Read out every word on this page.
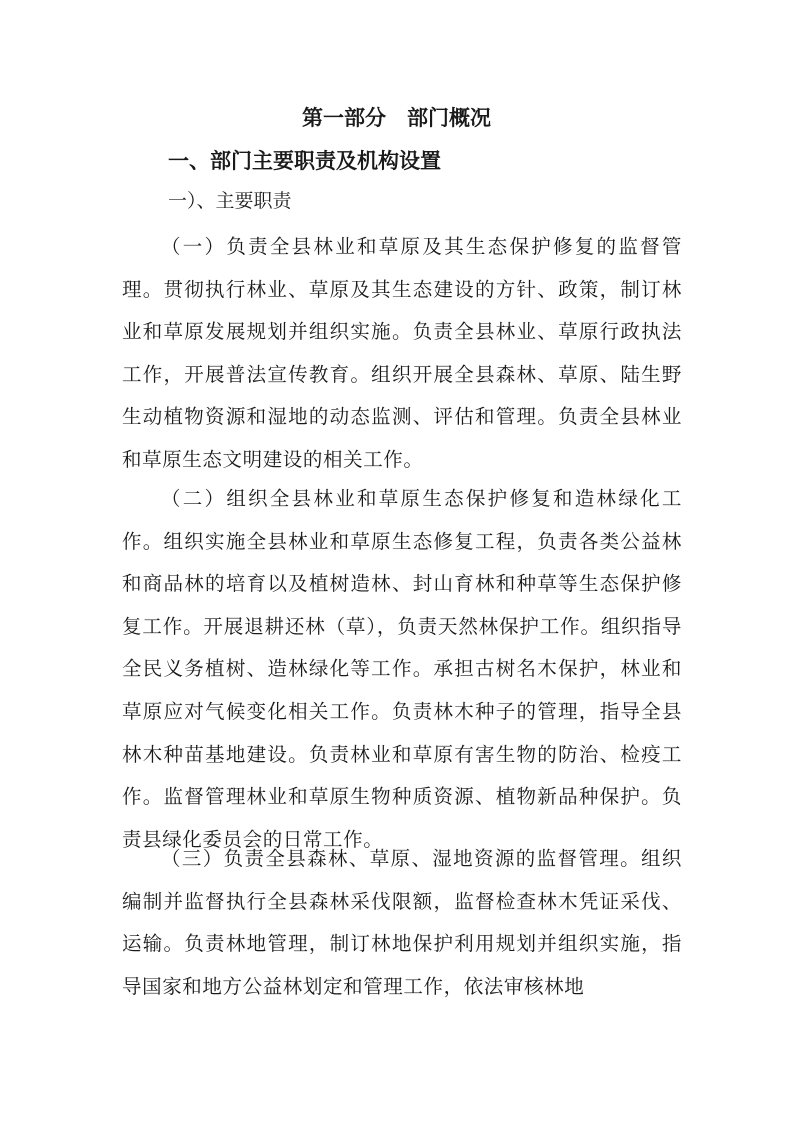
第一部分　部门概况
一、部门主要职责及机构设置
一）、主要职责

（一）负责全县林业和草原及其生态保护修复的监督管理。贯彻执行林业、草原及其生态建设的方针、政策，制订林业和草原发展规划并组织实施。负责全县林业、草原行政执法工作，开展普法宣传教育。组织开展全县森林、草原、陆生野生动植物资源和湿地的动态监测、评估和管理。负责全县林业和草原生态文明建设的相关工作。

（二）组织全县林业和草原生态保护修复和造林绿化工作。组织实施全县林业和草原生态修复工程，负责各类公益林和商品林的培育以及植树造林、封山育林和种草等生态保护修复工作。开展退耕还林（草），负责天然林保护工作。组织指导全民义务植树、造林绿化等工作。承担古树名木保护，林业和草原应对气候变化相关工作。负责林木种子的管理，指导全县林木种苗基地建设。负责林业和草原有害生物的防治、检疫工作。监督管理林业和草原生物种质资源、植物新品种保护。负责县绿化委员会的日常工作。

（三）负责全县森林、草原、湿地资源的监督管理。组织编制并监督执行全县森林采伐限额，监督检查林木凭证采伐、运输。负责林地管理，制订林地保护利用规划并组织实施，指导国家和地方公益林划定和管理工作，依法审核林地
